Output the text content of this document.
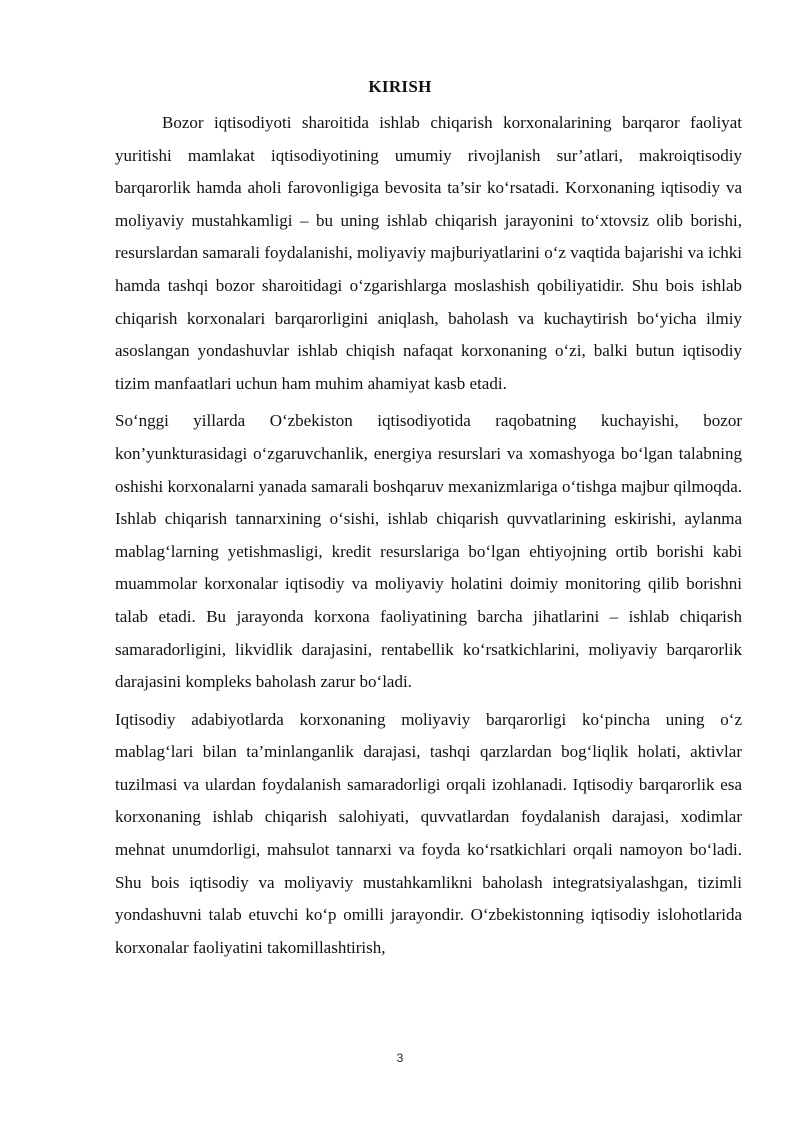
KIRISH

Bozor iqtisodiyoti sharoitida ishlab chiqarish korxonalarining barqaror faoliyat yuritishi mamlakat iqtisodiyotining umumiy rivojlanish sur’atlari, makroiqtisodiy barqarorlik hamda aholi farovonligiga bevosita ta’sir ko‘rsatadi. Korxonaning iqtisodiy va moliyaviy mustahkamligi – bu uning ishlab chiqarish jarayonini to‘xtovsiz olib borishi, resurslardan samarali foydalanishi, moliyaviy majburiyatlarini o‘z vaqtida bajarishi va ichki hamda tashqi bozor sharoitidagi o‘zgarishlarga moslashish qobiliyatidir. Shu bois ishlab chiqarish korxonalari barqarorligini aniqlash, baholash va kuchaytirish bo‘yicha ilmiy asoslangan yondashuvlar ishlab chiqish nafaqat korxonaning o‘zi, balki butun iqtisodiy tizim manfaatlari uchun ham muhim ahamiyat kasb etadi.

So‘nggi yillarda O‘zbekiston iqtisodiyotida raqobatning kuchayishi, bozor kon’yunkturasidagi o‘zgaruvchanlik, energiya resurslari va xomashyoga bo‘lgan talabning oshishi korxonalarni yanada samarali boshqaruv mexanizmlariga o‘tishga majbur qilmoqda. Ishlab chiqarish tannarxining o‘sishi, ishlab chiqarish quvvatlarining eskirishi, aylanma mablag‘larning yetishmasligi, kredit resurslariga bo‘lgan ehtiyojning ortib borishi kabi muammolar korxonalar iqtisodiy va moliyaviy holatini doimiy monitoring qilib borishni talab etadi. Bu jarayonda korxona faoliyatining barcha jihatlarini – ishlab chiqarish samaradorligini, likvidlik darajasini, rentabellik ko‘rsatkichlarini, moliyaviy barqarorlik darajasini kompleks baholash zarur bo‘ladi.

Iqtisodiy adabiyotlarda korxonaning moliyaviy barqarorligi ko‘pincha uning o‘z mablag‘lari bilan ta’minlanganlik darajasi, tashqi qarzlardan bog‘liqlik holati, aktivlar tuzilmasi va ulardan foydalanish samaradorligi orqali izohlanadi. Iqtisodiy barqarorlik esa korxonaning ishlab chiqarish salohiyati, quvvatlardan foydalanish darajasi, xodimlar mehnat unumdorligi, mahsulot tannarxi va foyda ko‘rsatkichlari orqali namoyon bo‘ladi. Shu bois iqtisodiy va moliyaviy mustahkamlikni baholash integratsiyalashgan, tizimli yondashuvni talab etuvchi ko‘p omilli jarayondir. O‘zbekistonning iqtisodiy islohotlarida korxonalar faoliyatini takomillashtirish,

3
